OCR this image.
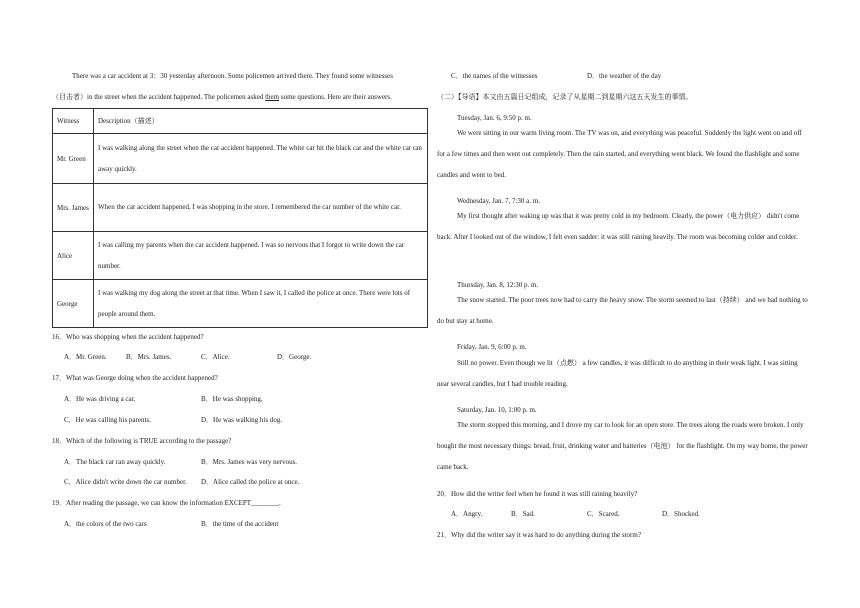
There was a car accident at 3：30 yesterday afternoon. Some policemen arrived there. They found some witnesses
（目击者）in the street when the accident happened. The policemen asked them some questions. Here are their answers.
Witness	Description（描述）
Mr. Green	I was walking along the street when the car accident happened. The white car hit the black car and the white car ran away quickly.
Mrs. James	When the car accident happened, I was shopping in the store. I remembered the car number of the white car.
Alice	I was calling my parents when the car accident happened. I was so nervous that I forgot to write down the car number.
George	I was walking my dog along the street at that time. When I saw it, I called the police at once. There were lots of people around them.
16．Who was shopping when the accident happened?
A．Mr. Green.	B．Mrs. James.	C．Alice.	D．George.
17．What was George doing when the accident happened?
A．He was driving a car.	B．He was shopping.
C．He was calling his parents.	D．He was walking his dog.
18．Which of the following is TRUE according to the passage?
A．The black car ran away quickly.	B．Mrs. James was very nervous.
C．Alice didn't write down the car number. D．Alice called the police at once.
19．After reading the passage, we can know the information EXCEPT________.
A．the colors of the two cars	B．the time of the accident
C．the names of the witnesses	D．the weather of the day
（二）【导语】本文由五篇日记组成，记录了从星期二到星期六这五天发生的事情。
Tuesday, Jan. 6, 9:50 p. m.
We were sitting in our warm living room. The TV was on, and everything was peaceful. Suddenly the light went on and off for a few times and then went out completely. Then the rain started, and everything went black. We found the flashlight and some candles and went to bed.
Wednesday, Jan. 7, 7:30 a. m.
My first thought after waking up was that it was pretty cold in my bedroom. Clearly, the power（电力供应） didn't come back. After I looked out of the window, I felt even sadder: it was still raining heavily. The room was becoming colder and colder.
Thursday, Jan. 8, 12:30 p. m.
The snow started. The poor trees now had to carry the heavy snow. The storm seemed to last（持续） and we had nothing to do but stay at home.
Friday, Jan. 9, 6:00 p. m.
Still no power. Even though we lit（点燃） a few candles, it was difficult to do anything in their weak light. I was sitting near several candles, but I had trouble reading.
Saturday, Jan. 10, 1:00 p. m.
The storm stopped this morning, and I drove my car to look for an open store. The trees along the roads were broken. I only bought the most necessary things: bread, fruit, drinking water and batteries（电池） for the flashlight. On my way home, the power came back.
20．How did the writer feel when he found it was still raining heavily?
A．Angry.	B．Sad.	C．Scared.	D．Shocked.
21．Why did the writer say it was hard to do anything during the storm?
